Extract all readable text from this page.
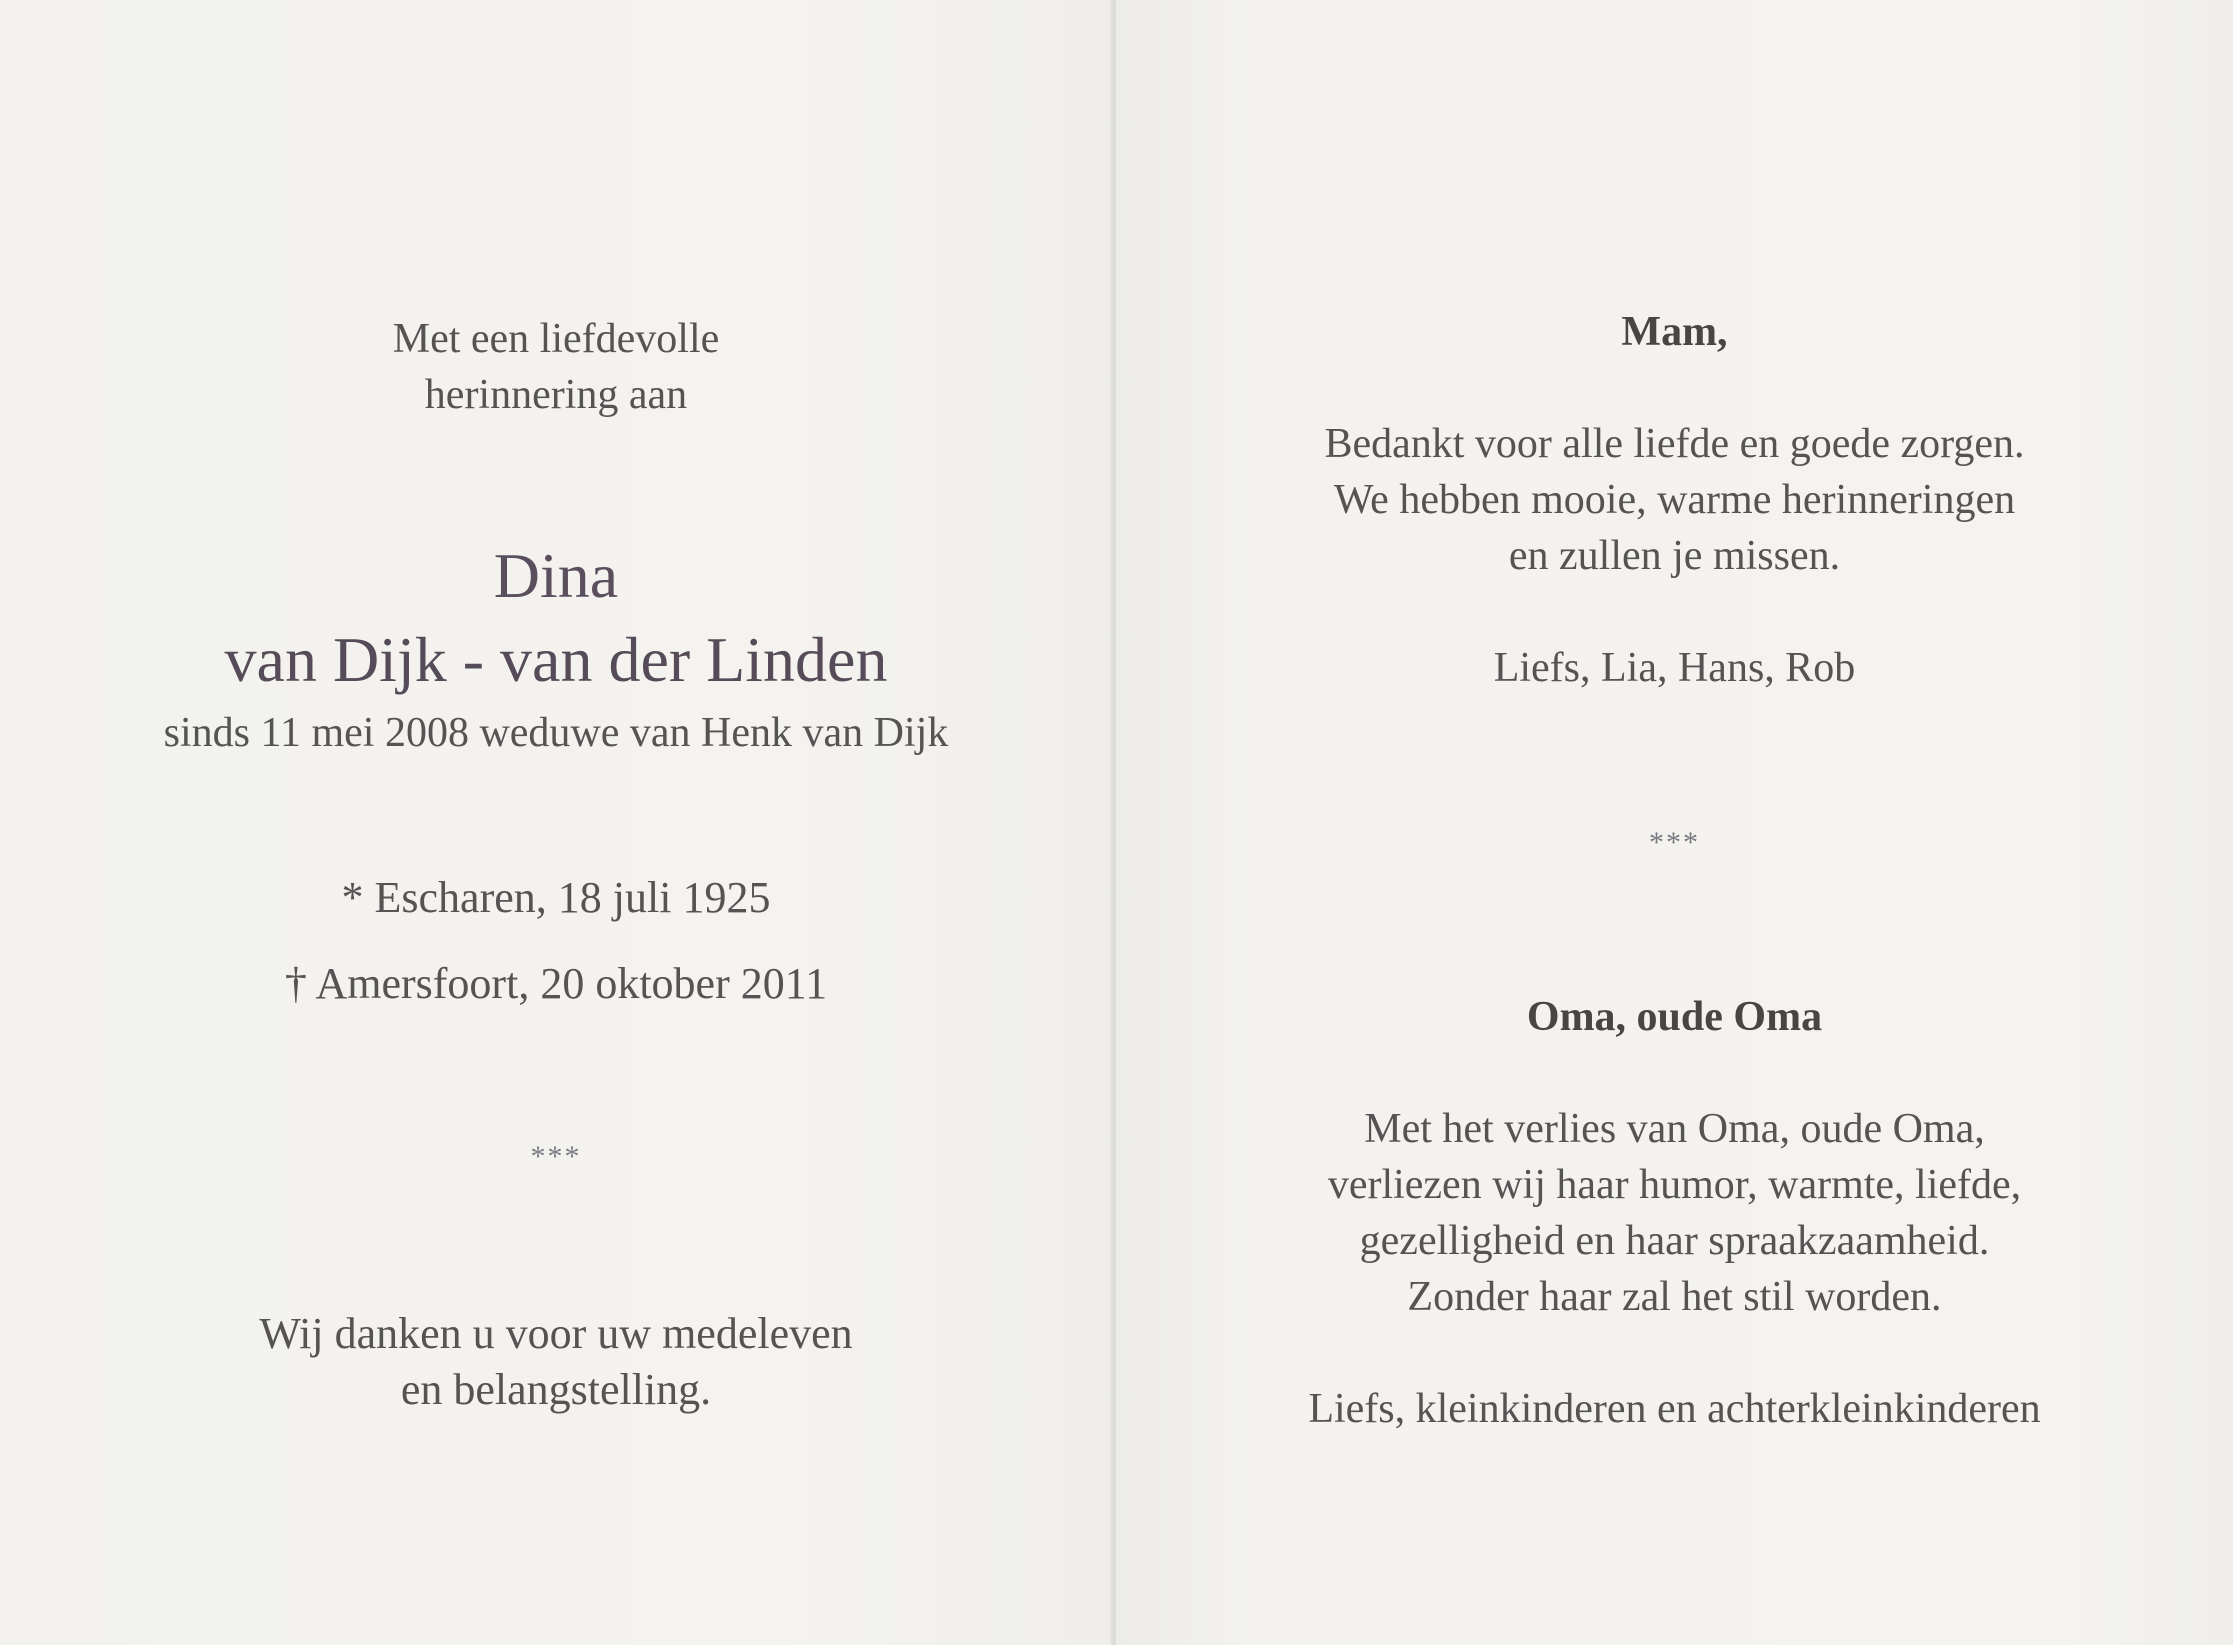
Met een liefdevolle
herinnering aan
Dina
van Dijk - van der Linden
sinds 11 mei 2008 weduwe van Henk van Dijk
* Escharen, 18 juli 1925
† Amersfoort, 20 oktober 2011
***
Wij danken u voor uw medeleven
en belangstelling.
Mam,
Bedankt voor alle liefde en goede zorgen.
We hebben mooie, warme herinneringen
en zullen je missen.
Liefs, Lia, Hans, Rob
***
Oma, oude Oma
Met het verlies van Oma, oude Oma,
verliezen wij haar humor, warmte, liefde,
gezelligheid en haar spraakzaamheid.
Zonder haar zal het stil worden.
Liefs, kleinkinderen en achterkleinkinderen
